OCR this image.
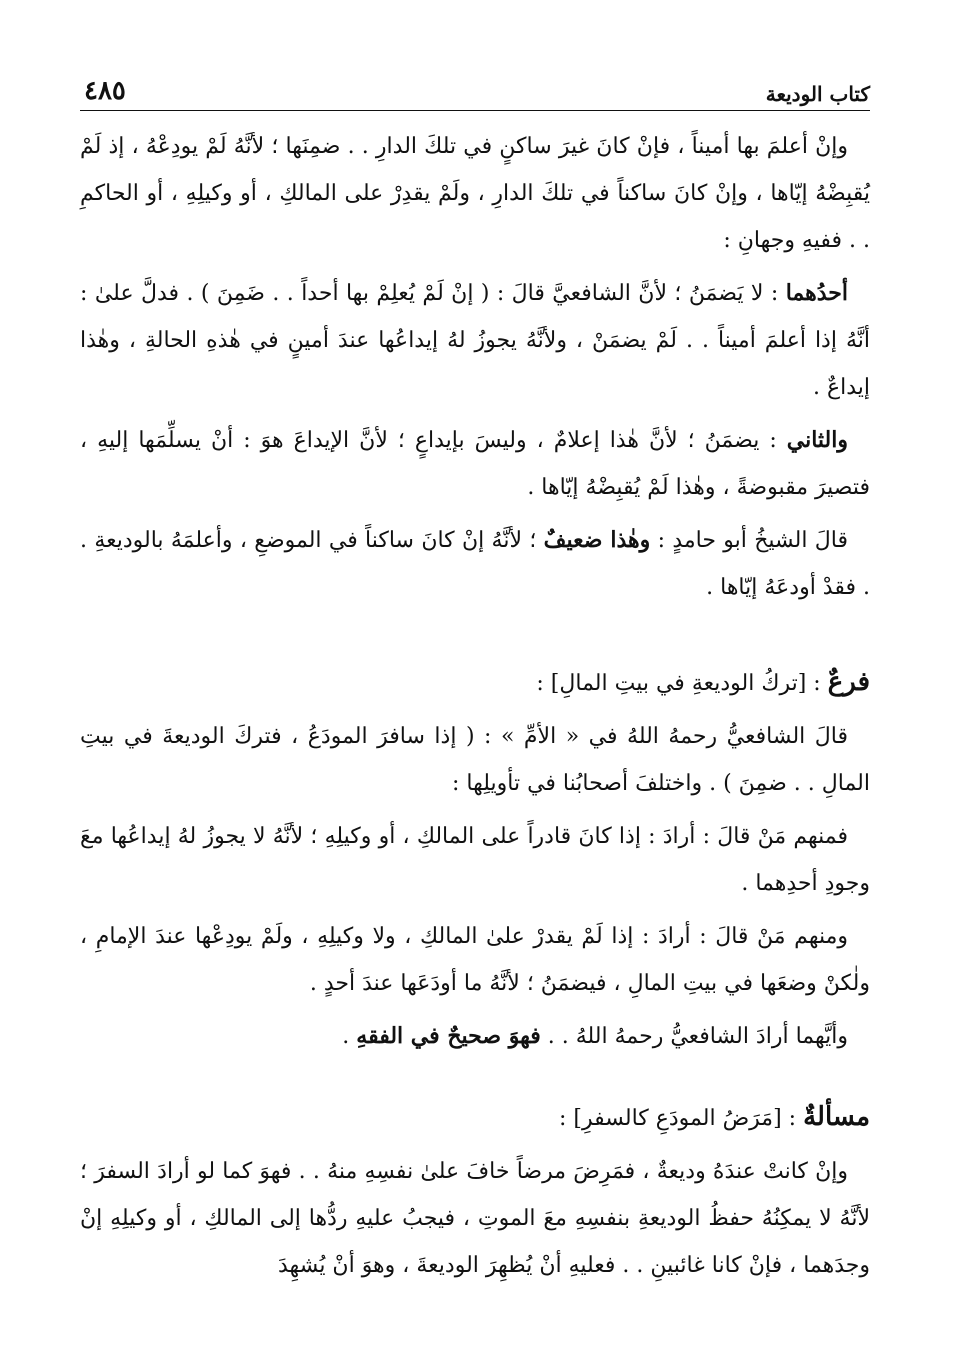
كتاب الوديعة
٤٨٥

وإنْ أعلمَ بها أميناً ، فإنْ كانَ غيرَ ساكنٍ في تلكَ الدارِ . . ضمِنَها ؛ لأنَّهُ لَمْ يودِعْهُ ، إذ لَمْ يُقبِضْهُ إيّاها ، وإنْ كانَ ساكناً في تلكَ الدارِ ، ولَمْ يقدِرْ على المالكِ ، أو وكيلِهِ ، أو الحاكمِ . . ففيهِ وجهانِ :

أحدُهما : لا يَضمَنُ ؛ لأنَّ الشافعيَّ قالَ : ( إنْ لَمْ يُعلِمْ بها أحداً . . ضَمِنَ ) . فدلَّ علىٰ : أنَّهُ إذا أعلمَ أميناً . . لَمْ يضمَنْ ، ولأنَّهُ يجوزُ لهُ إيداعُها عندَ أمينٍ في هٰذهِ الحالةِ ، وهٰذا إيداعٌ .

والثاني : يضمَنُ ؛ لأنَّ هٰذا إعلامٌ ، وليسَ بإيداعٍ ؛ لأنَّ الإيداعَ هوَ : أنْ يسلِّمَها إليهِ ، فتصيرَ مقبوضةً ، وهٰذا لَمْ يُقبِضْهُ إيّاها .

قالَ الشيخُ أبو حامدٍ : وهٰذا ضعيفٌ ؛ لأنَّهُ إنْ كانَ ساكناً في الموضعِ ، وأعلمَهُ بالوديعةِ . . فقدْ أودعَهُ إيّاها .

فرعٌ : [تركُ الوديعةِ في بيتِ المالِ] :

قالَ الشافعيُّ رحمهُ اللهُ في « الأمِّ » : ( إذا سافرَ المودَعُ ، فتركَ الوديعةَ في بيتِ المالِ . . ضمِنَ ) . واختلفَ أصحابُنا في تأويلِها :

فمنهم مَنْ قالَ : أرادَ : إذا كانَ قادراً على المالكِ ، أو وكيلِهِ ؛ لأنَّهُ لا يجوزُ لهُ إيداعُها معَ وجودِ أحدِهما .

ومنهم مَنْ قالَ : أرادَ : إذا لَمْ يقدرْ علىٰ المالكِ ، ولا وكيلِهِ ، ولَمْ يودِعْها عندَ الإمامِ ، ولٰكنْ وضعَها في بيتِ المالِ ، فيضمَنُ ؛ لأنَّهُ ما أودَعَها عندَ أحدٍ .

وأيَّهما أرادَ الشافعيُّ رحمهُ اللهُ . . فهوَ صحيحٌ في الفقهِ .

مسألةٌ : [مَرَضُ المودَعِ كالسفرِ] :

وإنْ كانتْ عندَهُ وديعةٌ ، فمَرِضَ مرضاً خافَ علىٰ نفسِهِ منهُ . . فهوَ كما لو أرادَ السفرَ ؛ لأنَّهُ لا يمكِنُهُ حفظُ الوديعةِ بنفسِهِ معَ الموتِ ، فيجبُ عليهِ ردُّها إلى المالكِ ، أو وكيلِهِ إنْ وجدَهما ، فإنْ كانا غائبينِ . . فعليهِ أنْ يُظهِرَ الوديعةَ ، وهوَ أنْ يُشهِدَ
